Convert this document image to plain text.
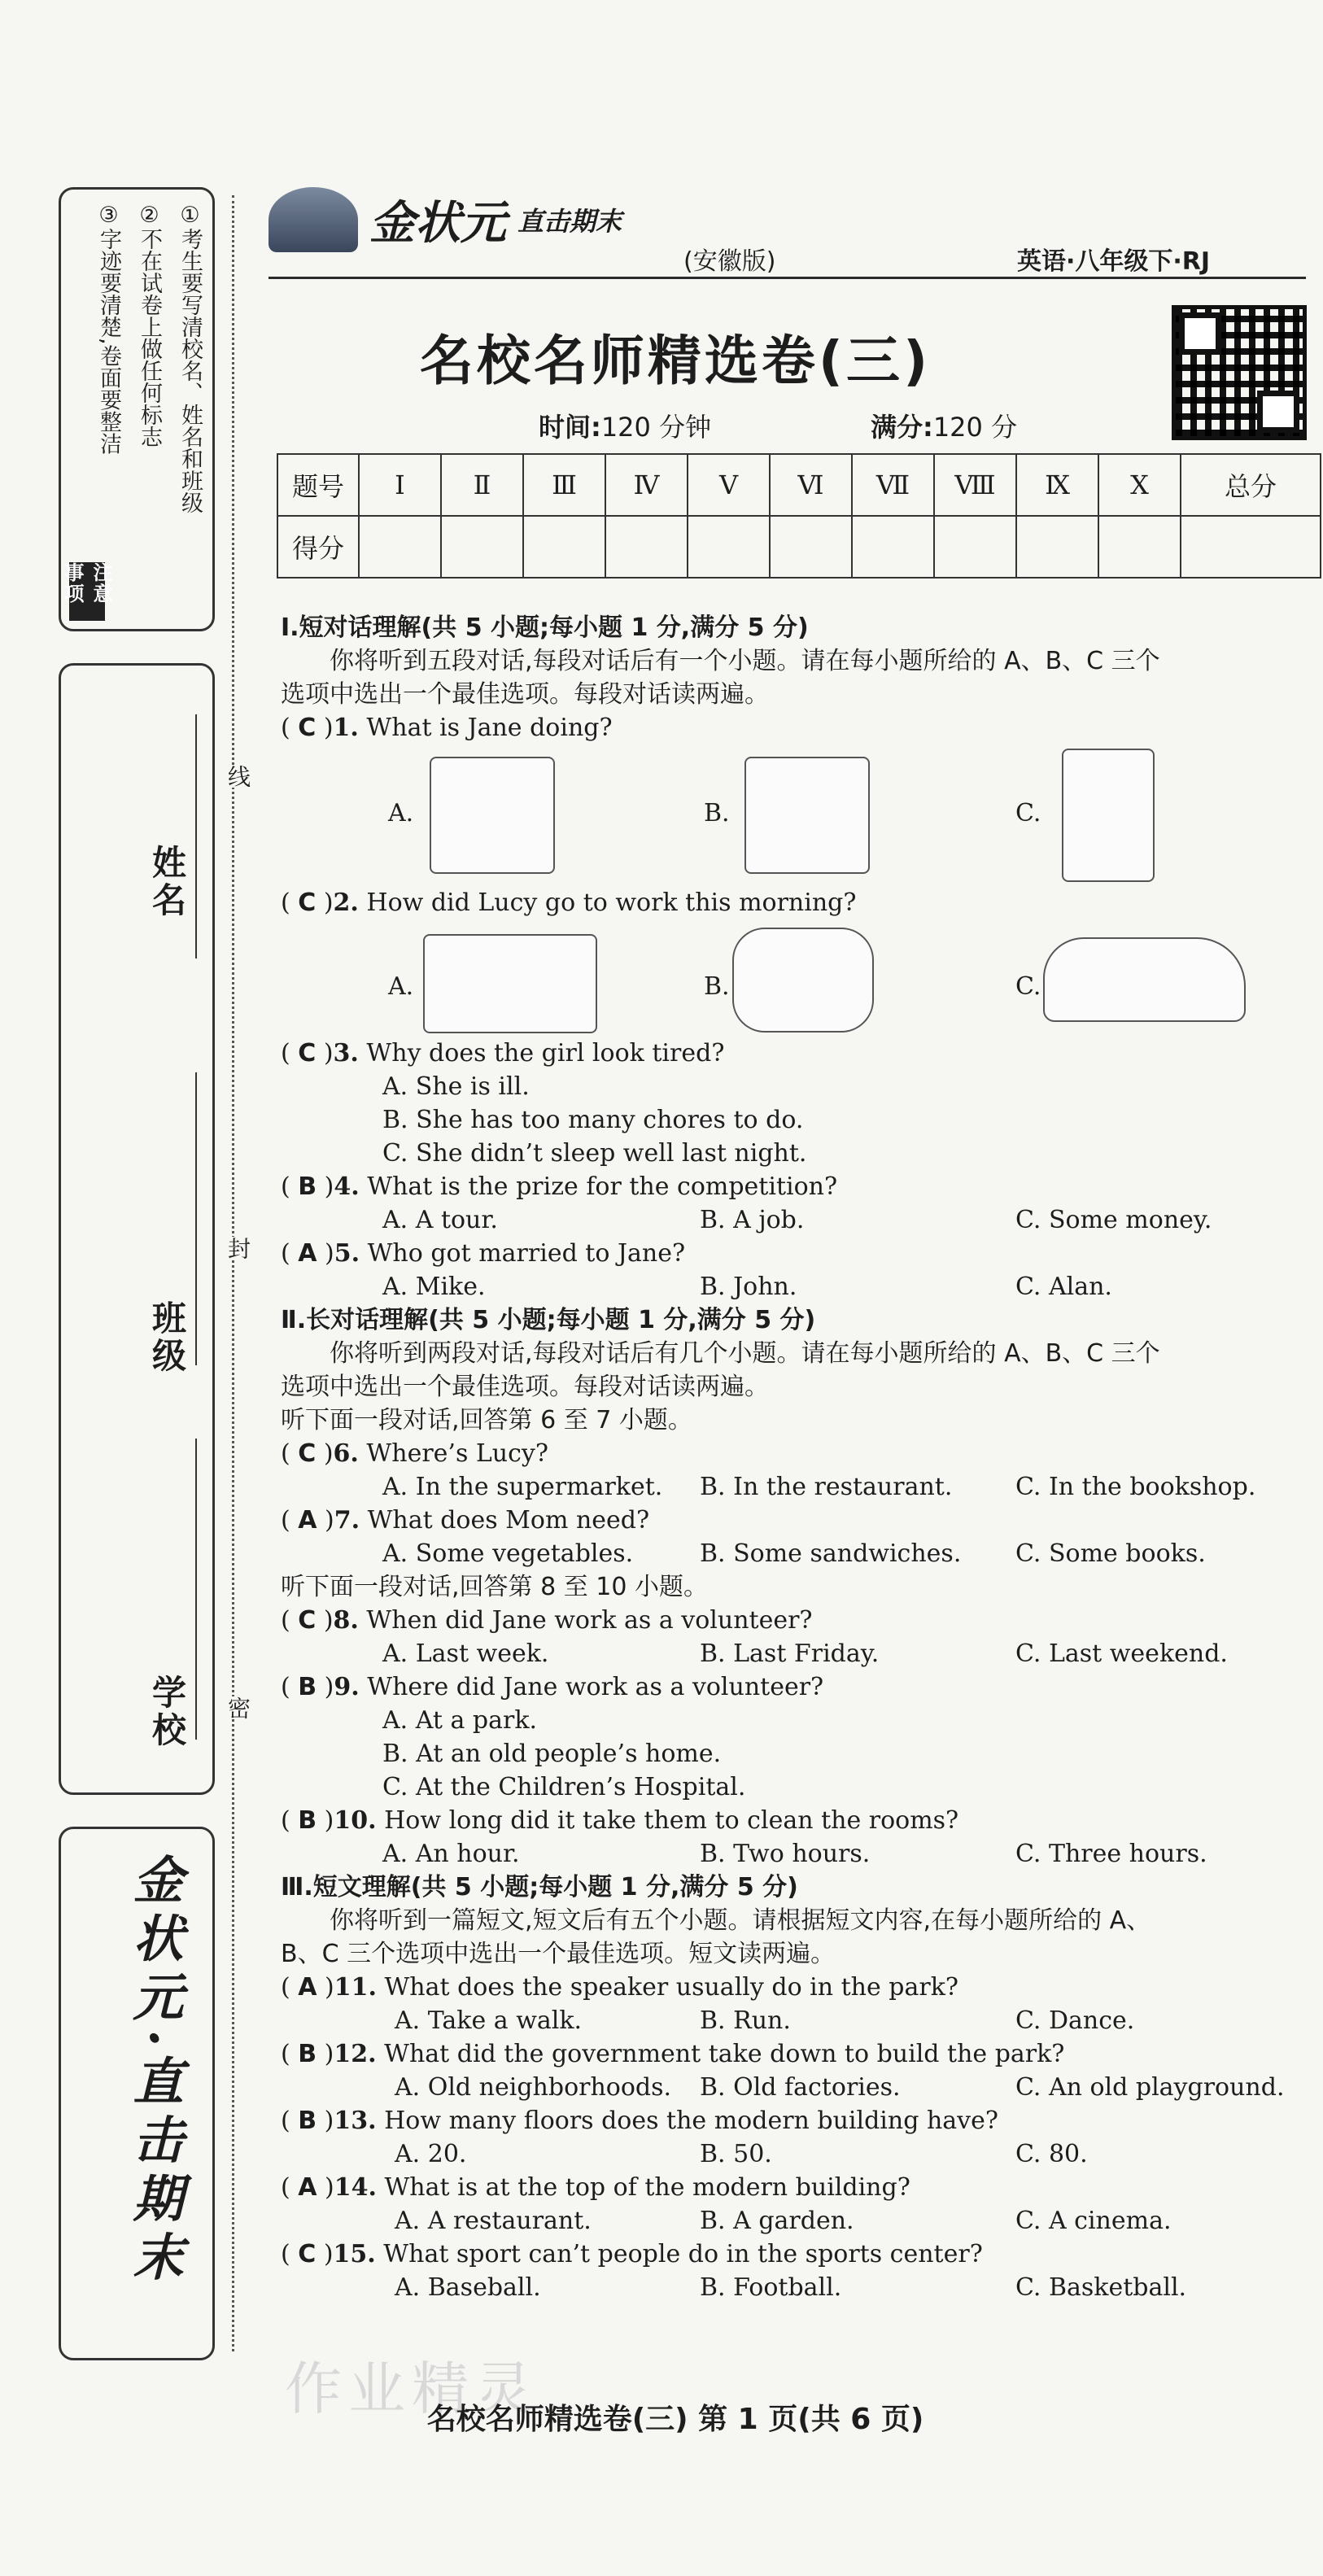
①考生要写清校名、姓名和班级
②不在试卷上做任何标志
③字迹要清楚,卷面要整洁
注意事项
姓名
班级
学校
线
封
密
金状元·直击期末
金状元 直击期末
(安徽版)	英语·八年级下·RJ
名校名师精选卷(三)
时间:120 分钟	满分:120 分
题号	Ⅰ	Ⅱ	Ⅲ	Ⅳ	Ⅴ	Ⅵ	Ⅶ	Ⅷ	Ⅸ	Ⅹ	总分
得分											
Ⅰ.短对话理解(共 5 小题;每小题 1 分,满分 5 分)
你将听到五段对话,每段对话后有一个小题。请在每小题所给的 A、B、C 三个
选项中选出一个最佳选项。每段对话读两遍。
( C )1. What is Jane doing?
A.	B.	C.
( C )2. How did Lucy go to work this morning?
A.	B.	C.
( C )3. Why does the girl look tired?
A. She is ill.
B. She has too many chores to do.
C. She didn’t sleep well last night.
( B )4. What is the prize for the competition?
A. A tour.	B. A job.	C. Some money.
( A )5. Who got married to Jane?
A. Mike.	B. John.	C. Alan.
Ⅱ.长对话理解(共 5 小题;每小题 1 分,满分 5 分)
你将听到两段对话,每段对话后有几个小题。请在每小题所给的 A、B、C 三个
选项中选出一个最佳选项。每段对话读两遍。
听下面一段对话,回答第 6 至 7 小题。
( C )6. Where’s Lucy?
A. In the supermarket. B. In the restaurant.	C. In the bookshop.
( A )7. What does Mom need?
A. Some vegetables.	B. Some sandwiches. C. Some books.
听下面一段对话,回答第 8 至 10 小题。
( C )8. When did Jane work as a volunteer?
A. Last week.	B. Last Friday.	C. Last weekend.
( B )9. Where did Jane work as a volunteer?
A. At a park.
B. At an old people’s home.
C. At the Children’s Hospital.
( B )10. How long did it take them to clean the rooms?
A. An hour.	B. Two hours.	C. Three hours.
Ⅲ.短文理解(共 5 小题;每小题 1 分,满分 5 分)
你将听到一篇短文,短文后有五个小题。请根据短文内容,在每小题所给的 A、
B、C 三个选项中选出一个最佳选项。短文读两遍。
( A )11. What does the speaker usually do in the park?
A. Take a walk.	B. Run.	C. Dance.
( B )12. What did the government take down to build the park?
A. Old neighborhoods. B. Old factories.	C. An old playground.
( B )13. How many floors does the modern building have?
A. 20.	B. 50.	C. 80.
( A )14. What is at the top of the modern building?
A. A restaurant.	B. A garden.	C. A cinema.
( C )15. What sport can’t people do in the sports center?
A. Baseball.	B. Football.	C. Basketball.
作业精灵
名校名师精选卷(三) 第 1 页(共 6 页)
